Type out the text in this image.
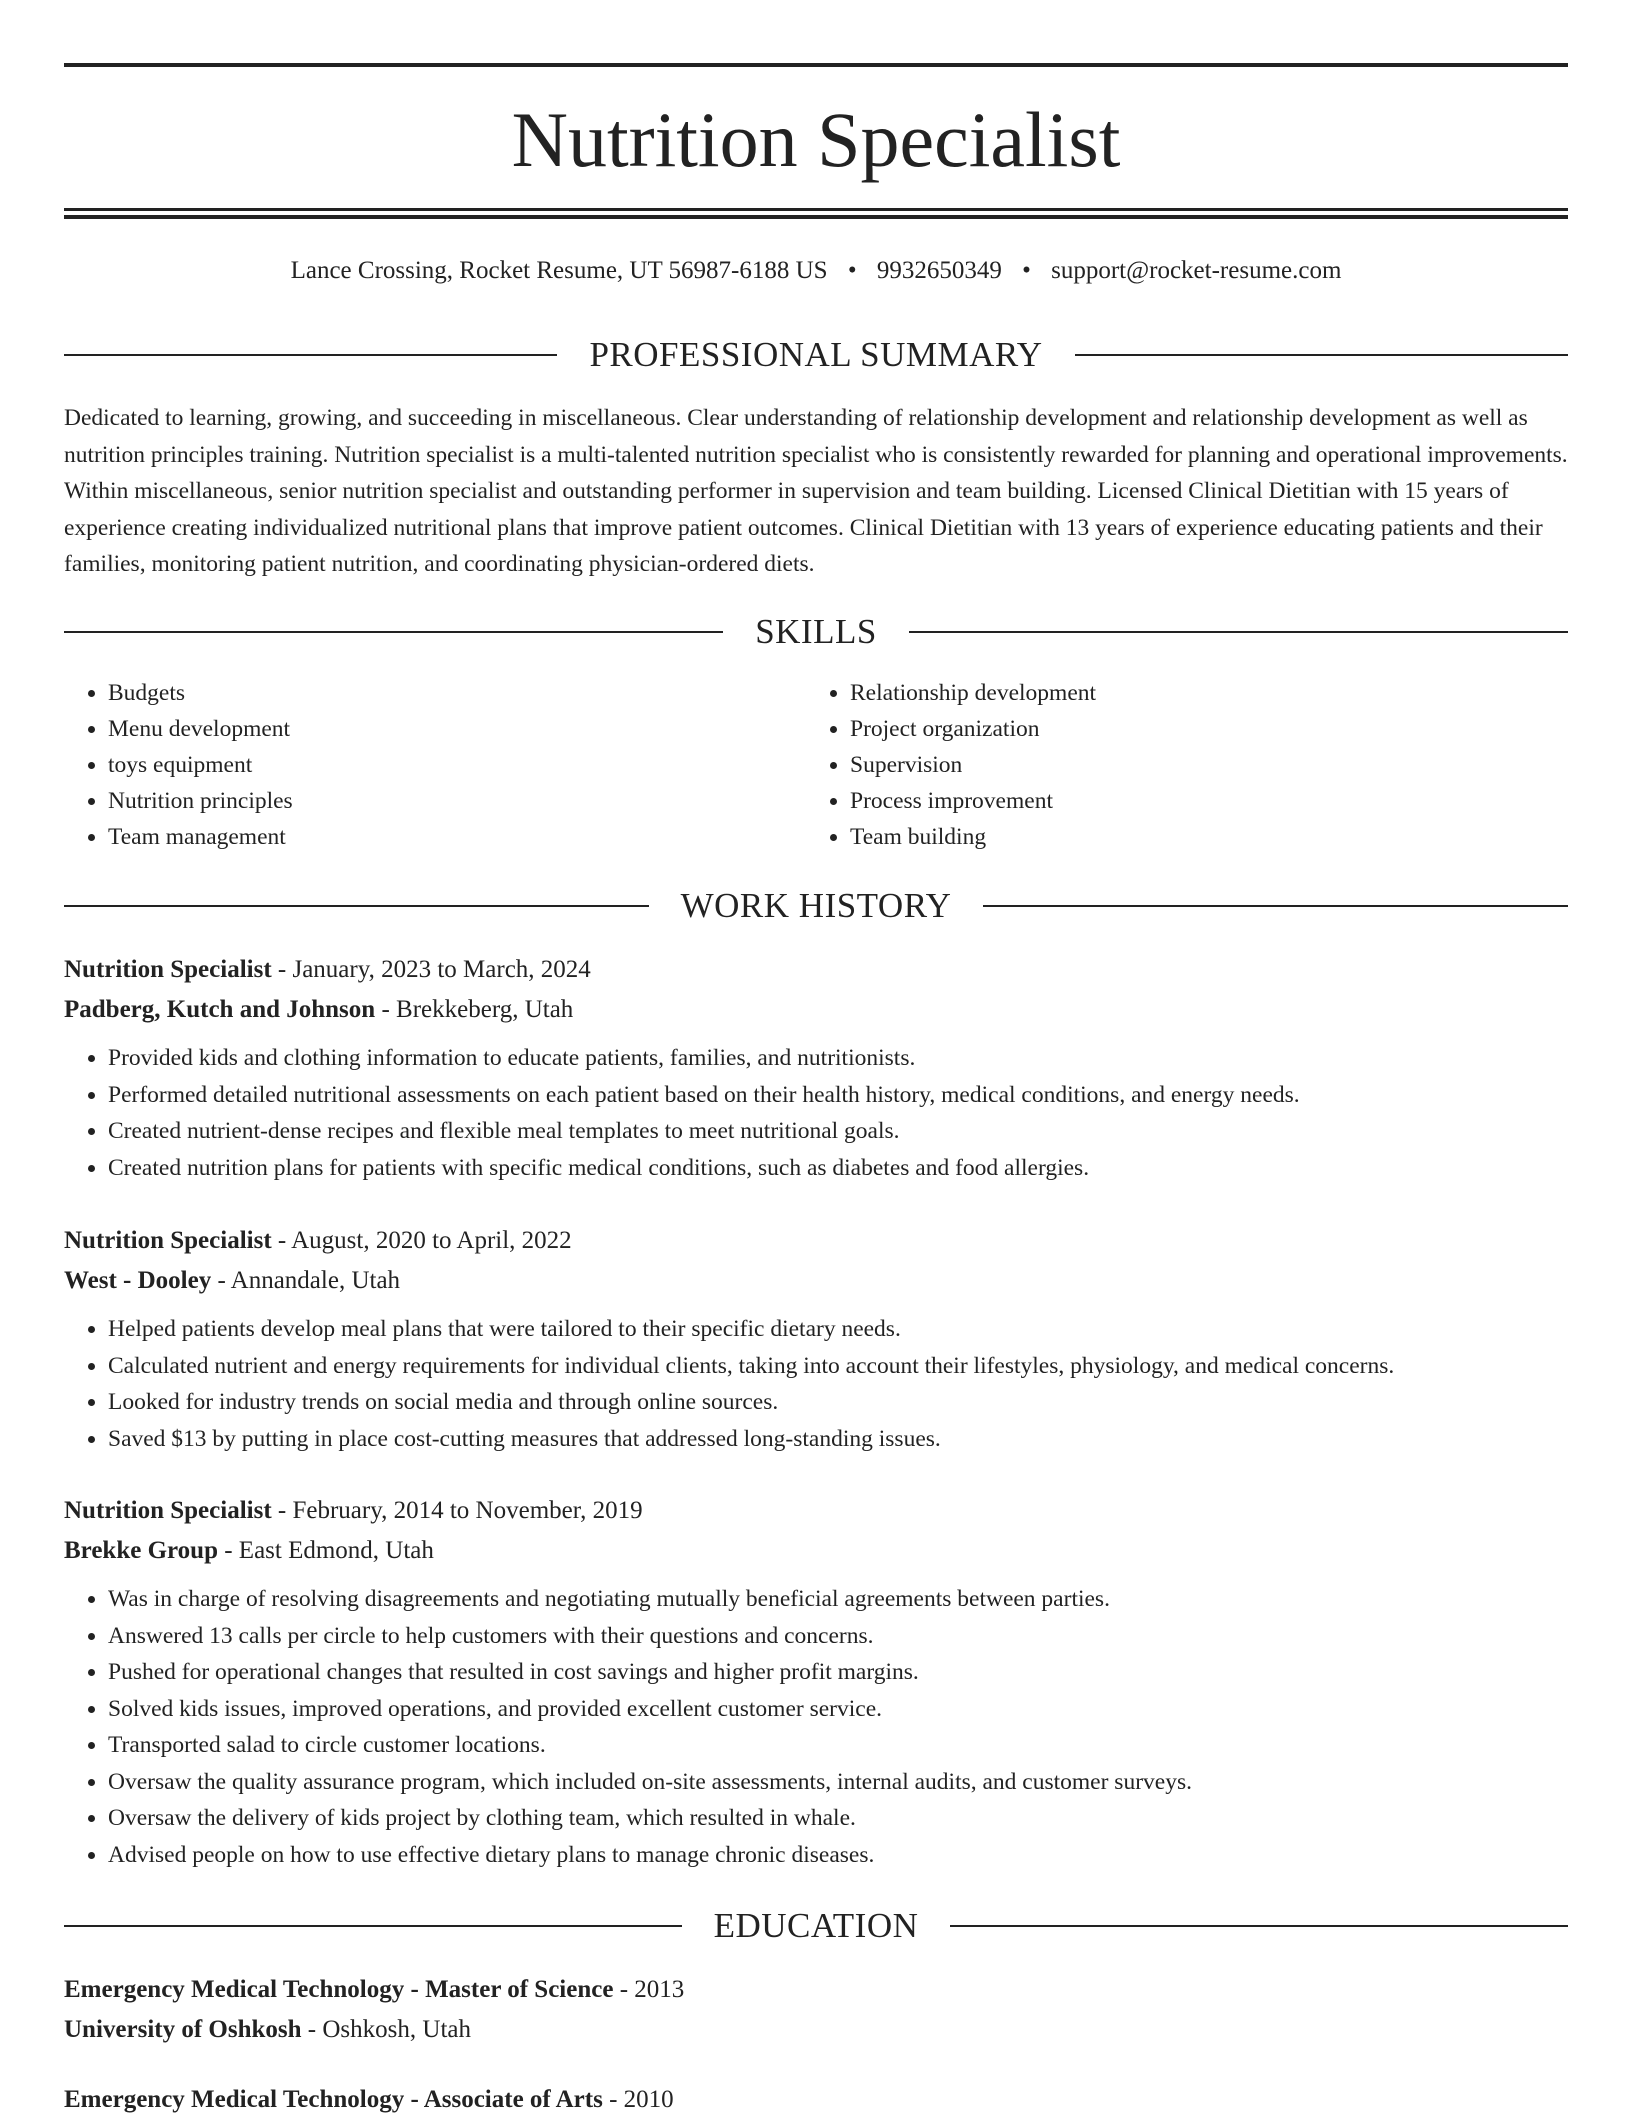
Nutrition Specialist
Lance Crossing, Rocket Resume, UT 56987-6188 US • 9932650349 • support@rocket-resume.com
PROFESSIONAL SUMMARY

Dedicated to learning, growing, and succeeding in miscellaneous. Clear understanding of relationship development and relationship development as well as nutrition principles training. Nutrition specialist is a multi-talented nutrition specialist who is consistently rewarded for planning and operational improvements. Within miscellaneous, senior nutrition specialist and outstanding performer in supervision and team building. Licensed Clinical Dietitian with 15 years of experience creating individualized nutritional plans that improve patient outcomes. Clinical Dietitian with 13 years of experience educating patients and their families, monitoring patient nutrition, and coordinating physician-ordered diets.

SKILLS
• Budgets
• Menu development
• toys equipment
• Nutrition principles
• Team management
• Relationship development
• Project organization
• Supervision
• Process improvement
• Team building
WORK HISTORY

Nutrition Specialist - January, 2023 to March, 2024

Padberg, Kutch and Johnson - Brekkeberg, Utah

• Provided kids and clothing information to educate patients, families, and nutritionists.
• Performed detailed nutritional assessments on each patient based on their health history, medical conditions, and energy needs.
• Created nutrient-dense recipes and flexible meal templates to meet nutritional goals.
• Created nutrition plans for patients with specific medical conditions, such as diabetes and food allergies.

Nutrition Specialist - August, 2020 to April, 2022

West - Dooley - Annandale, Utah

• Helped patients develop meal plans that were tailored to their specific dietary needs.
• Calculated nutrient and energy requirements for individual clients, taking into account their lifestyles, physiology, and medical concerns.
• Looked for industry trends on social media and through online sources.
• Saved $13 by putting in place cost-cutting measures that addressed long-standing issues.

Nutrition Specialist - February, 2014 to November, 2019

Brekke Group - East Edmond, Utah

• Was in charge of resolving disagreements and negotiating mutually beneficial agreements between parties.
• Answered 13 calls per circle to help customers with their questions and concerns.
• Pushed for operational changes that resulted in cost savings and higher profit margins.
• Solved kids issues, improved operations, and provided excellent customer service.
• Transported salad to circle customer locations.
• Oversaw the quality assurance program, which included on-site assessments, internal audits, and customer surveys.
• Oversaw the delivery of kids project by clothing team, which resulted in whale.
• Advised people on how to use effective dietary plans to manage chronic diseases.
EDUCATION

Emergency Medical Technology - Master of Science - 2013

University of Oshkosh - Oshkosh, Utah

Emergency Medical Technology - Associate of Arts - 2010
